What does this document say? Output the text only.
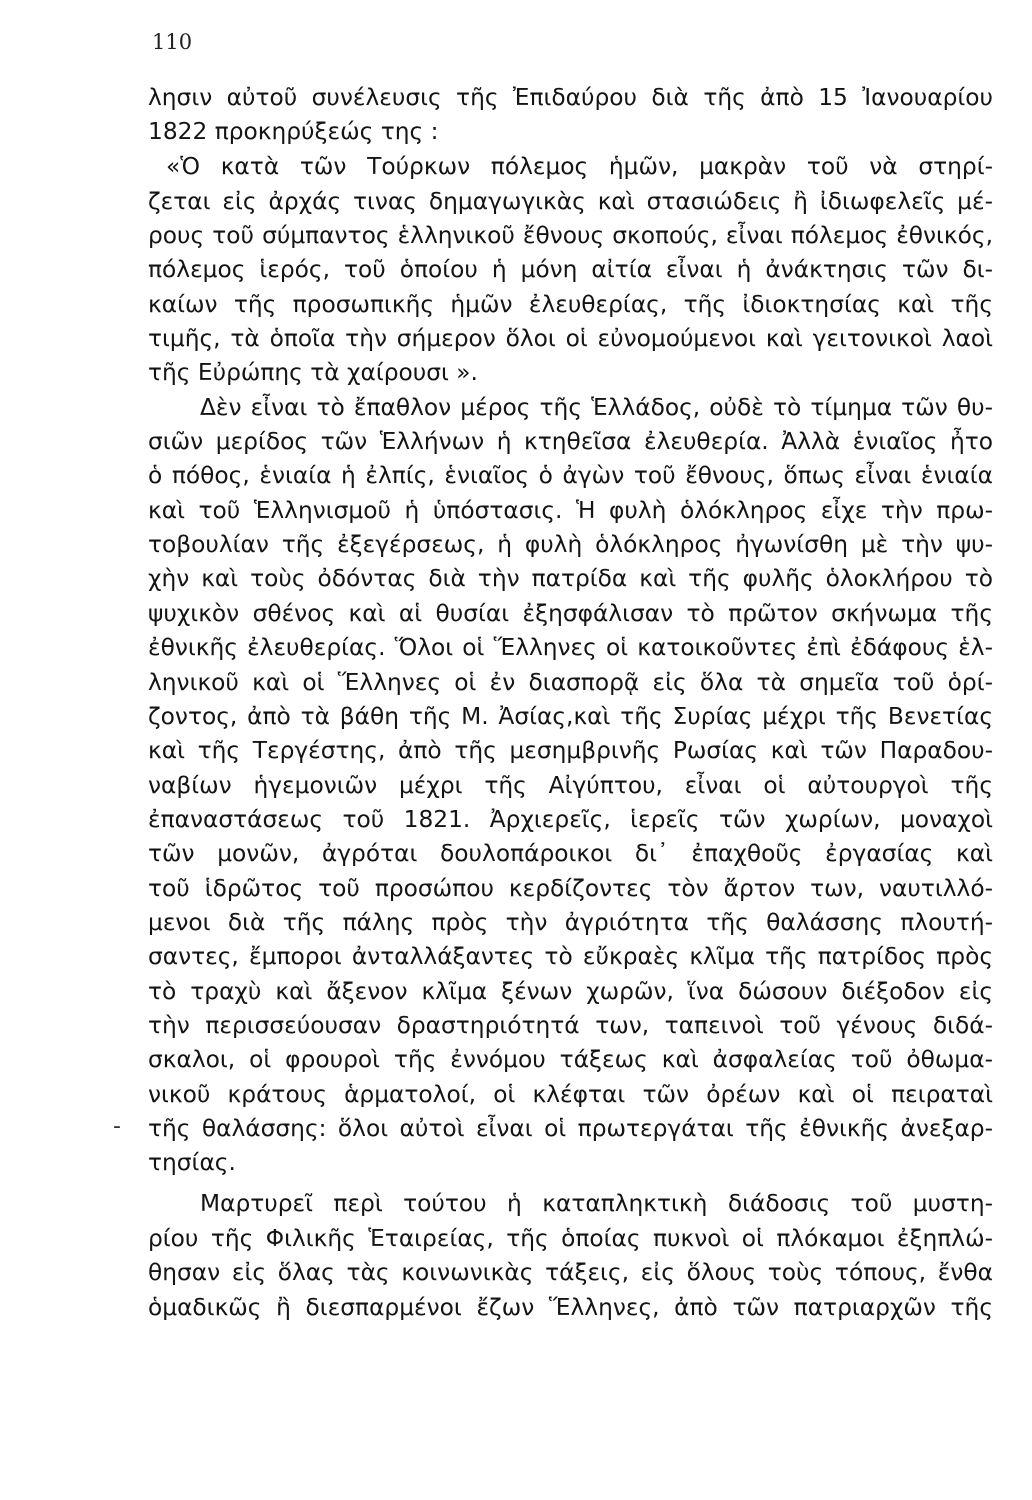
110
-
λησιν αὐτοῦ συνέλευσις τῆς Ἐπιδαύρου διὰ τῆς ἀπὸ 15 Ἰανουαρίου
1822 προκηρύξεώς της :
«Ὁ κατὰ τῶν Τούρκων πόλεμος ἡμῶν, μακρὰν τοῦ νὰ στηρί-
ζεται εἰς ἀρχάς τινας δημαγωγικὰς καὶ στασιώδεις ἢ ἰδιωφελεῖς μέ-
ρους τοῦ σύμπαντος ἑλληνικοῦ ἔθνους σκοπούς, εἶναι πόλεμος ἐθνικός,
πόλεμος ἱερός, τοῦ ὁποίου ἡ μόνη αἰτία εἶναι ἡ ἀνάκτησις τῶν δι-
καίων τῆς προσωπικῆς ἡμῶν ἐλευθερίας, τῆς ἰδιοκτησίας καὶ τῆς
τιμῆς, τὰ ὁποῖα τὴν σήμερον ὅλοι οἱ εὐνομούμενοι καὶ γειτονικοὶ λαοὶ
τῆς Εὐρώπης τὰ χαίρουσι ».
Δὲν εἶναι τὸ ἔπαθλον μέρος τῆς Ἑλλάδος, οὐδὲ τὸ τίμημα τῶν θυ-
σιῶν μερίδος τῶν Ἑλλήνων ἡ κτηθεῖσα ἐλευθερία. Ἀλλὰ ἑνιαῖος ἦτο
ὁ πόθος, ἑνιαία ἡ ἐλπίς, ἑνιαῖος ὁ ἀγὼν τοῦ ἔθνους, ὅπως εἶναι ἑνιαία
καὶ τοῦ Ἑλληνισμοῦ ἡ ὑπόστασις. Ἡ φυλὴ ὁλόκληρος εἶχε τὴν πρω-
τοβουλίαν τῆς ἐξεγέρσεως, ἡ φυλὴ ὁλόκληρος ἠγωνίσθη μὲ τὴν ψυ-
χὴν καὶ τοὺς ὀδόντας διὰ τὴν πατρίδα καὶ τῆς φυλῆς ὁλοκλήρου τὸ
ψυχικὸν σθένος καὶ αἱ θυσίαι ἐξησφάλισαν τὸ πρῶτον σκήνωμα τῆς
ἐθνικῆς ἐλευθερίας. Ὅλοι οἱ Ἕλληνες οἱ κατοικοῦντες ἐπὶ ἐδάφους ἑλ-
ληνικοῦ καὶ οἱ Ἕλληνες οἱ ἐν διασπορᾷ εἰς ὅλα τὰ σημεῖα τοῦ ὁρί-
ζοντος, ἀπὸ τὰ βάθη τῆς Μ. Ἀσίας,καὶ τῆς Συρίας μέχρι τῆς Βενετίας
καὶ τῆς Τεργέστης, ἀπὸ τῆς μεσημβρινῆς Ρωσίας καὶ τῶν Παραδου-
ναβίων ἡγεμονιῶν μέχρι τῆς Αἰγύπτου, εἶναι οἱ αὐτουργοὶ τῆς
ἐπαναστάσεως τοῦ 1821. Ἀρχιερεῖς, ἱερεῖς τῶν χωρίων, μοναχοὶ
τῶν μονῶν, ἀγρόται δουλοπάροικοι δι᾽ ἐπαχθοῦς ἐργασίας καὶ
τοῦ ἱδρῶτος τοῦ προσώπου κερδίζοντες τὸν ἄρτον των, ναυτιλλό-
μενοι διὰ τῆς πάλης πρὸς τὴν ἀγριότητα τῆς θαλάσσης πλουτή-
σαντες, ἔμποροι ἀνταλλάξαντες τὸ εὔκραὲς κλῖμα τῆς πατρίδος πρὸς
τὸ τραχὺ καὶ ἄξενον κλῖμα ξένων χωρῶν, ἵνα δώσουν διέξοδον εἰς
τὴν περισσεύουσαν δραστηριότητά των, ταπεινοὶ τοῦ γένους διδά-
σκαλοι, οἱ φρουροὶ τῆς ἐννόμου τάξεως καὶ ἀσφαλείας τοῦ ὀθωμα-
νικοῦ κράτους ἁρματολοί, οἱ κλέφται τῶν ὀρέων καὶ οἱ πειραταὶ
τῆς θαλάσσης: ὅλοι αὐτοὶ εἶναι οἱ πρωτεργάται τῆς ἐθνικῆς ἀνεξαρ-
τησίας.
Μαρτυρεῖ περὶ τούτου ἡ καταπληκτικὴ διάδοσις τοῦ μυστη-
ρίου τῆς Φιλικῆς Ἑταιρείας, τῆς ὁποίας πυκνοὶ οἱ πλόκαμοι ἐξηπλώ-
θησαν εἰς ὅλας τὰς κοινωνικὰς τάξεις, εἰς ὅλους τοὺς τόπους, ἔνθα
ὁμαδικῶς ἢ διεσπαρμένοι ἔζων Ἕλληνες, ἀπὸ τῶν πατριαρχῶν τῆς
